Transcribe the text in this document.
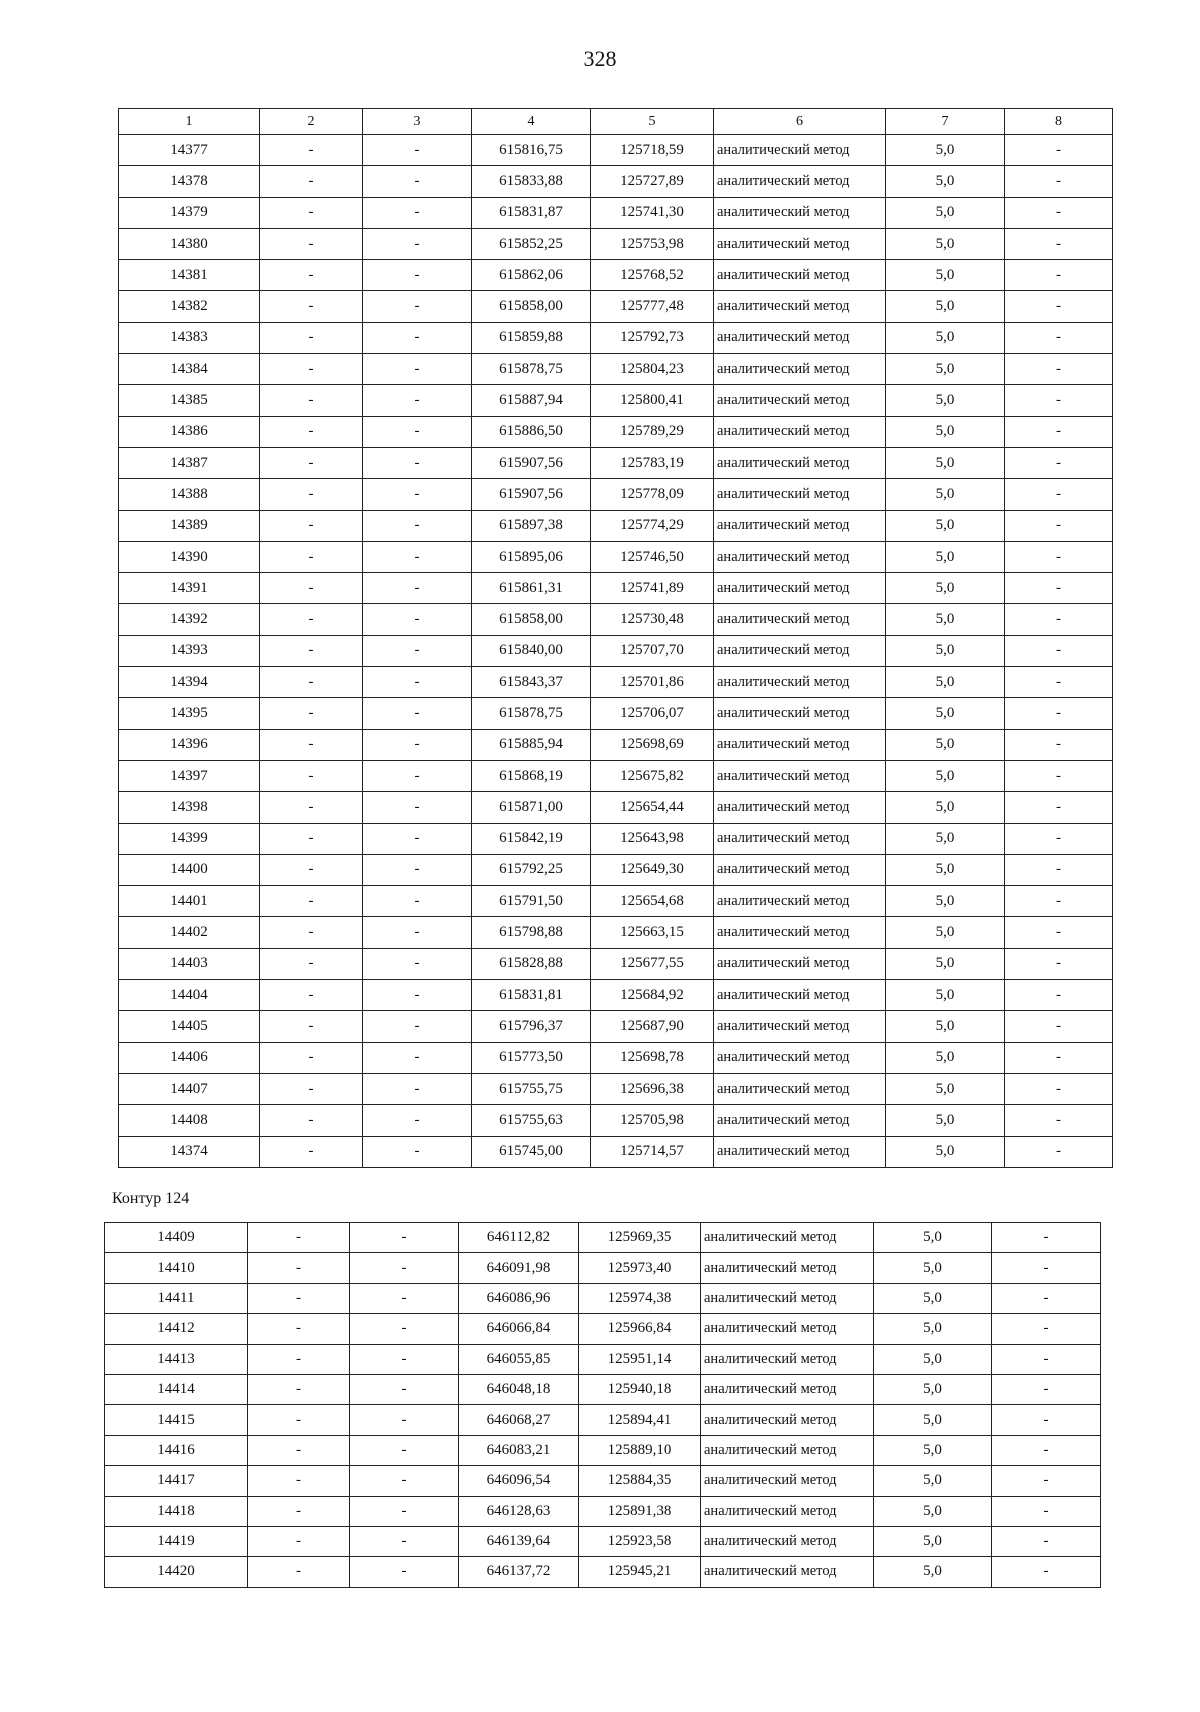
328
1	2	3	4	5	6	7	8
14377	-	-	615816,75	125718,59	аналитический метод	5,0	-
14378	-	-	615833,88	125727,89	аналитический метод	5,0	-
14379	-	-	615831,87	125741,30	аналитический метод	5,0	-
14380	-	-	615852,25	125753,98	аналитический метод	5,0	-
14381	-	-	615862,06	125768,52	аналитический метод	5,0	-
14382	-	-	615858,00	125777,48	аналитический метод	5,0	-
14383	-	-	615859,88	125792,73	аналитический метод	5,0	-
14384	-	-	615878,75	125804,23	аналитический метод	5,0	-
14385	-	-	615887,94	125800,41	аналитический метод	5,0	-
14386	-	-	615886,50	125789,29	аналитический метод	5,0	-
14387	-	-	615907,56	125783,19	аналитический метод	5,0	-
14388	-	-	615907,56	125778,09	аналитический метод	5,0	-
14389	-	-	615897,38	125774,29	аналитический метод	5,0	-
14390	-	-	615895,06	125746,50	аналитический метод	5,0	-
14391	-	-	615861,31	125741,89	аналитический метод	5,0	-
14392	-	-	615858,00	125730,48	аналитический метод	5,0	-
14393	-	-	615840,00	125707,70	аналитический метод	5,0	-
14394	-	-	615843,37	125701,86	аналитический метод	5,0	-
14395	-	-	615878,75	125706,07	аналитический метод	5,0	-
14396	-	-	615885,94	125698,69	аналитический метод	5,0	-
14397	-	-	615868,19	125675,82	аналитический метод	5,0	-
14398	-	-	615871,00	125654,44	аналитический метод	5,0	-
14399	-	-	615842,19	125643,98	аналитический метод	5,0	-
14400	-	-	615792,25	125649,30	аналитический метод	5,0	-
14401	-	-	615791,50	125654,68	аналитический метод	5,0	-
14402	-	-	615798,88	125663,15	аналитический метод	5,0	-
14403	-	-	615828,88	125677,55	аналитический метод	5,0	-
14404	-	-	615831,81	125684,92	аналитический метод	5,0	-
14405	-	-	615796,37	125687,90	аналитический метод	5,0	-
14406	-	-	615773,50	125698,78	аналитический метод	5,0	-
14407	-	-	615755,75	125696,38	аналитический метод	5,0	-
14408	-	-	615755,63	125705,98	аналитический метод	5,0	-
14374	-	-	615745,00	125714,57	аналитический метод	5,0	-
Контур 124
14409	-	-	646112,82	125969,35	аналитический метод	5,0	-
14410	-	-	646091,98	125973,40	аналитический метод	5,0	-
14411	-	-	646086,96	125974,38	аналитический метод	5,0	-
14412	-	-	646066,84	125966,84	аналитический метод	5,0	-
14413	-	-	646055,85	125951,14	аналитический метод	5,0	-
14414	-	-	646048,18	125940,18	аналитический метод	5,0	-
14415	-	-	646068,27	125894,41	аналитический метод	5,0	-
14416	-	-	646083,21	125889,10	аналитический метод	5,0	-
14417	-	-	646096,54	125884,35	аналитический метод	5,0	-
14418	-	-	646128,63	125891,38	аналитический метод	5,0	-
14419	-	-	646139,64	125923,58	аналитический метод	5,0	-
14420	-	-	646137,72	125945,21	аналитический метод	5,0	-
